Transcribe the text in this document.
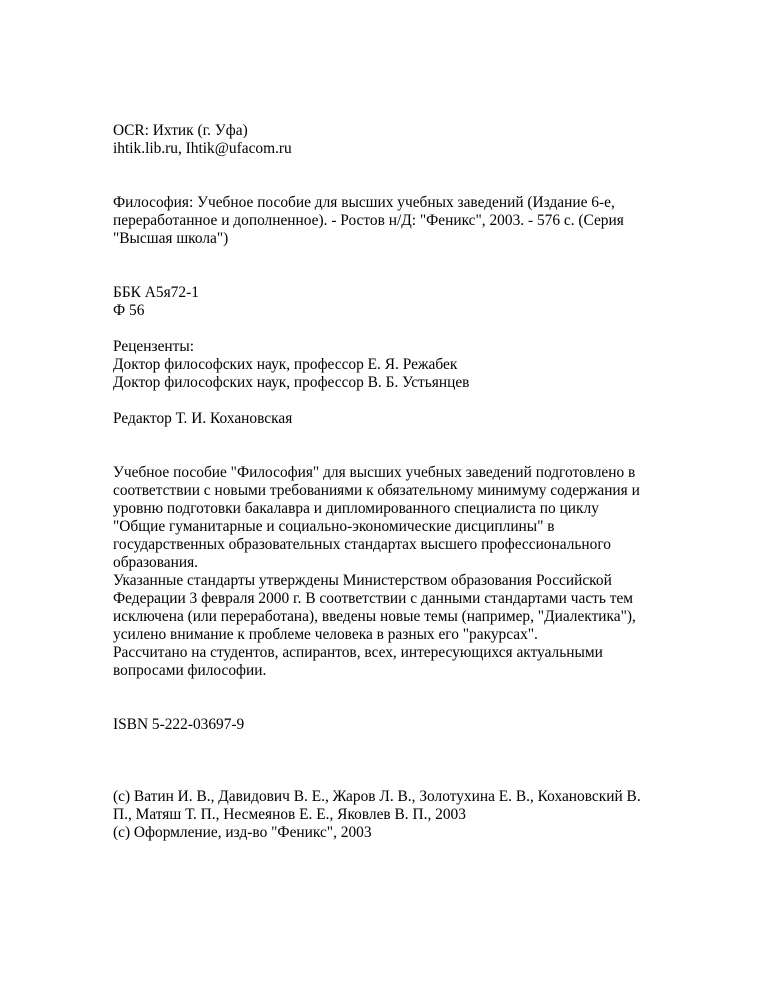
OCR: Ихтик (г. Уфа)
ihtik.lib.ru, Ihtik@ufacom.ru
Философия: Учебное пособие для высших учебных заведений (Издание 6-е,
переработанное и дополненное). - Ростов н/Д: "Феникс", 2003. - 576 с. (Серия
"Высшая школа")
ББК А5я72-1
Ф 56
Рецензенты:
Доктор философских наук, профессор Е. Я. Режабек
Доктор философских наук, профессор В. Б. Устьянцев
Редактор Т. И. Кохановская
Учебное пособие "Философия" для высших учебных заведений подготовлено в
соответствии с новыми требованиями к обязательному минимуму содержания и
уровню подготовки бакалавра и дипломированного специалиста по циклу
"Общие гуманитарные и социально-экономические дисциплины" в
государственных образовательных стандартах высшего профессионального
образования.
Указанные стандарты утверждены Министерством образования Российской
Федерации 3 февраля 2000 г. В соответствии с данными стандартами часть тем
исключена (или переработана), введены новые темы (например, "Диалектика"),
усилено внимание к проблеме человека в разных его "ракурсах".
Рассчитано на студентов, аспирантов, всех, интересующихся актуальными
вопросами философии.
ISBN 5-222-03697-9
(c) Ватин И. В., Давидович В. Е., Жаров Л. В., Золотухина Е. В., Кохановский В.
П., Матяш Т. П., Несмеянов Е. Е., Яковлев В. П., 2003
(c) Оформление, изд-во "Феникс", 2003
